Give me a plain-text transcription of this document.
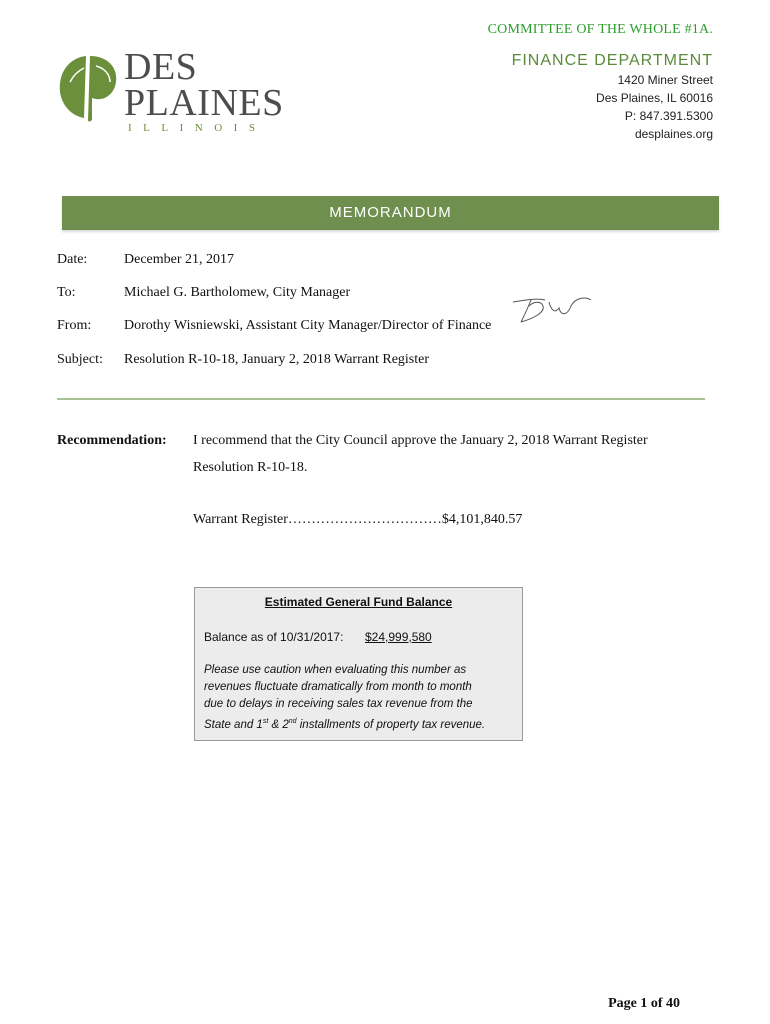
COMMITTEE OF THE WHOLE #1A.
DES
PLAINES
ILLINOIS
FINANCE DEPARTMENT
1420 Miner Street
Des Plaines, IL 60016
P: 847.391.5300
desplaines.org
MEMORANDUM
Date:	December 21, 2017
To:	Michael G. Bartholomew, City Manager
From: Dorothy Wisniewski, Assistant City Manager/Director of Finance
Subject: Resolution R-10-18, January 2, 2018 Warrant Register
Recommendation: I recommend that the City Council approve the January 2, 2018 Warrant Register
Resolution R-10-18.
Warrant Register……………………………$4,101,840.57
Estimated General Fund Balance
Balance as of 10/31/2017: $24,999,580
Please use caution when evaluating this number as
revenues fluctuate dramatically from month to month
due to delays in receiving sales tax revenue from the
State and 1st & 2nd installments of property tax revenue.
Page 1 of 40
